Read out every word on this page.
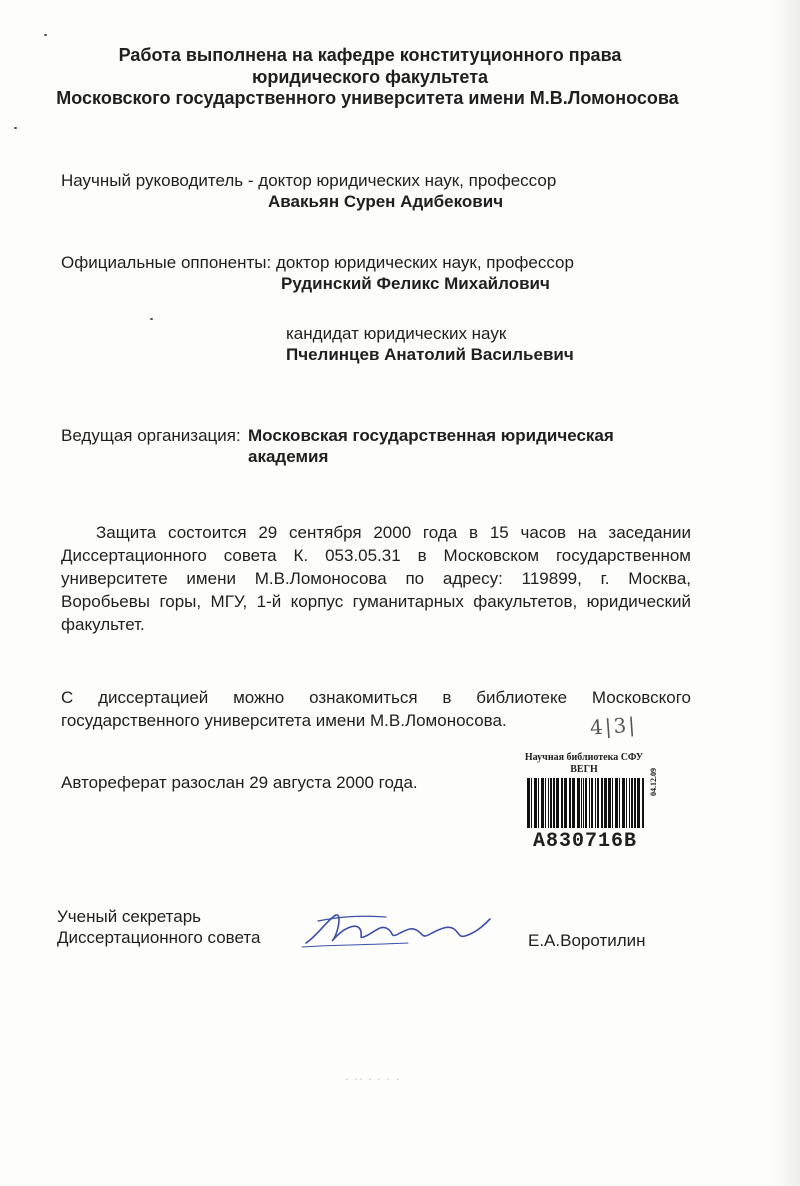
Работа выполнена на кафедре конституционного права
юридического факультета
Московского государственного университета имени М.В.Ломоносова
Научный руководитель - доктор юридических наук, профессор
Авакьян Сурен Адибекович
Официальные оппоненты: доктор юридических наук, профессор
Рудинский Феликс Михайлович
кандидат юридических наук
Пчелинцев Анатолий Васильевич
Ведущая организация: Московская государственная юридическая
академия
Защита состоится 29 сентября 2000 года в 15 часов на заседании
Диссертационного совета К. 053.05.31 в Московском государственном
университете имени М.В.Ломоносова по адресу: 119899, г. Москва,
Воробьевы горы, МГУ, 1-й корпус гуманитарных факультетов, юридический
факультет.
С диссертацией можно ознакомиться в библиотеке Московского
государственного университета имени М.В.Ломоносова.	4|3|
Автореферат разослан 29 августа 2000 года.
Научная библиотека СФУ
ВЕГН
A830716B
04.12.09
Ученый секретарь
Диссертационного совета	Е.А.Воротилин
. .. . . . .
